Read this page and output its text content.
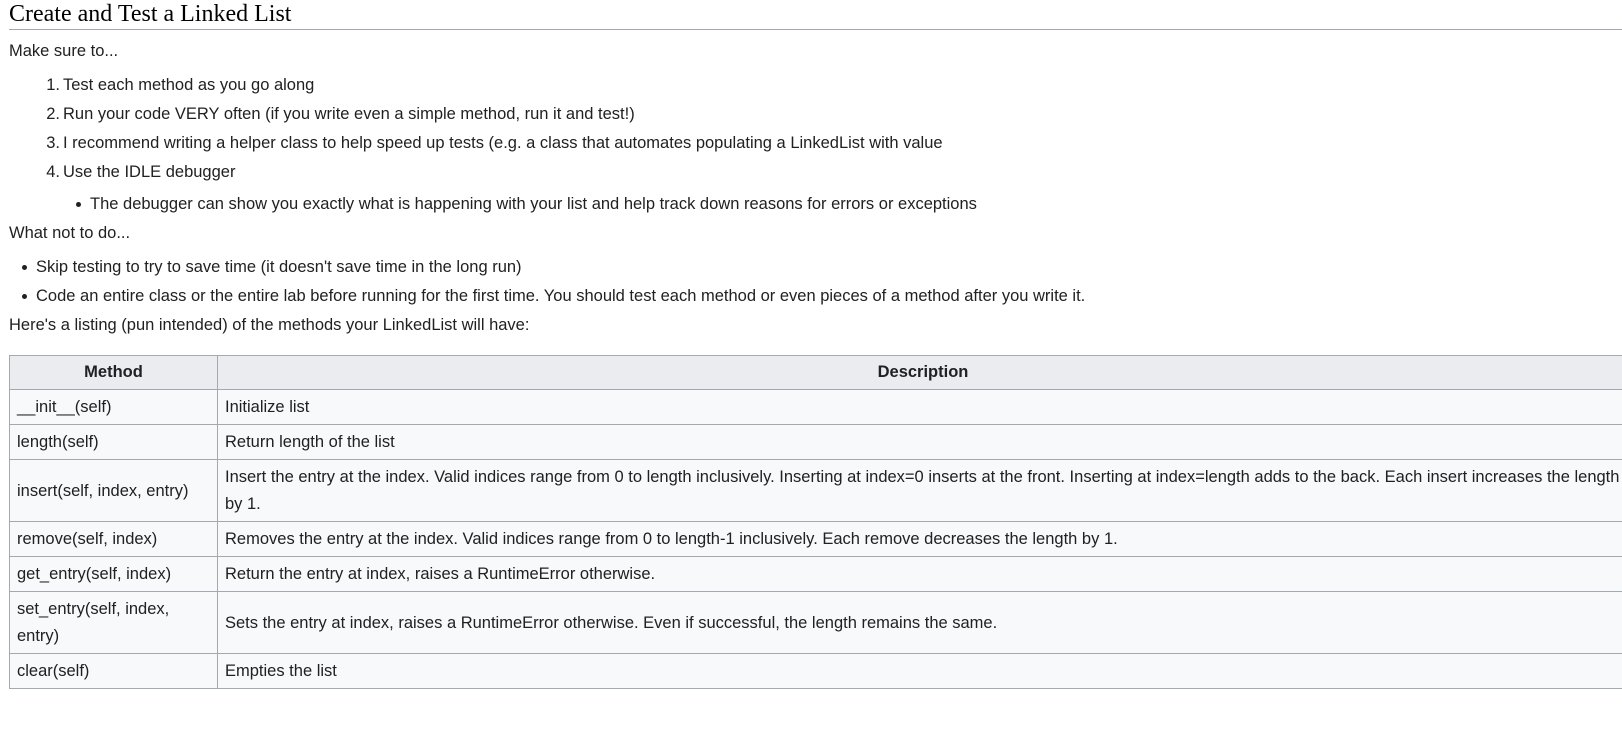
Create and Test a Linked List

Make sure to...

1. Test each method as you go along
2. Run your code VERY often (if you write even a simple method, run it and test!)
3. I recommend writing a helper class to help speed up tests (e.g. a class that automates populating a LinkedList with value
4. Use the IDLE debugger
The debugger can show you exactly what is happening with your list and help track down reasons for errors or exceptions

What not to do...

Skip testing to try to save time (it doesn't save time in the long run)
Code an entire class or the entire lab before running for the first time. You should test each method or even pieces of a method after you write it.

Here's a listing (pun intended) of the methods your LinkedList will have:

Method	Description
__init__(self)	Initialize list
length(self)	Return length of the list
insert(self, index, entry)	Insert the entry at the index. Valid indices range from 0 to length inclusively. Inserting at index=0 inserts at the front. Inserting at index=length adds to the back. Each insert increases the length by 1.
remove(self, index)	Removes the entry at the index. Valid indices range from 0 to length-1 inclusively. Each remove decreases the length by 1.
get_entry(self, index)	Return the entry at index, raises a RuntimeError otherwise.
set_entry(self, index, entry)	Sets the entry at index, raises a RuntimeError otherwise. Even if successful, the length remains the same.
clear(self)	Empties the list
